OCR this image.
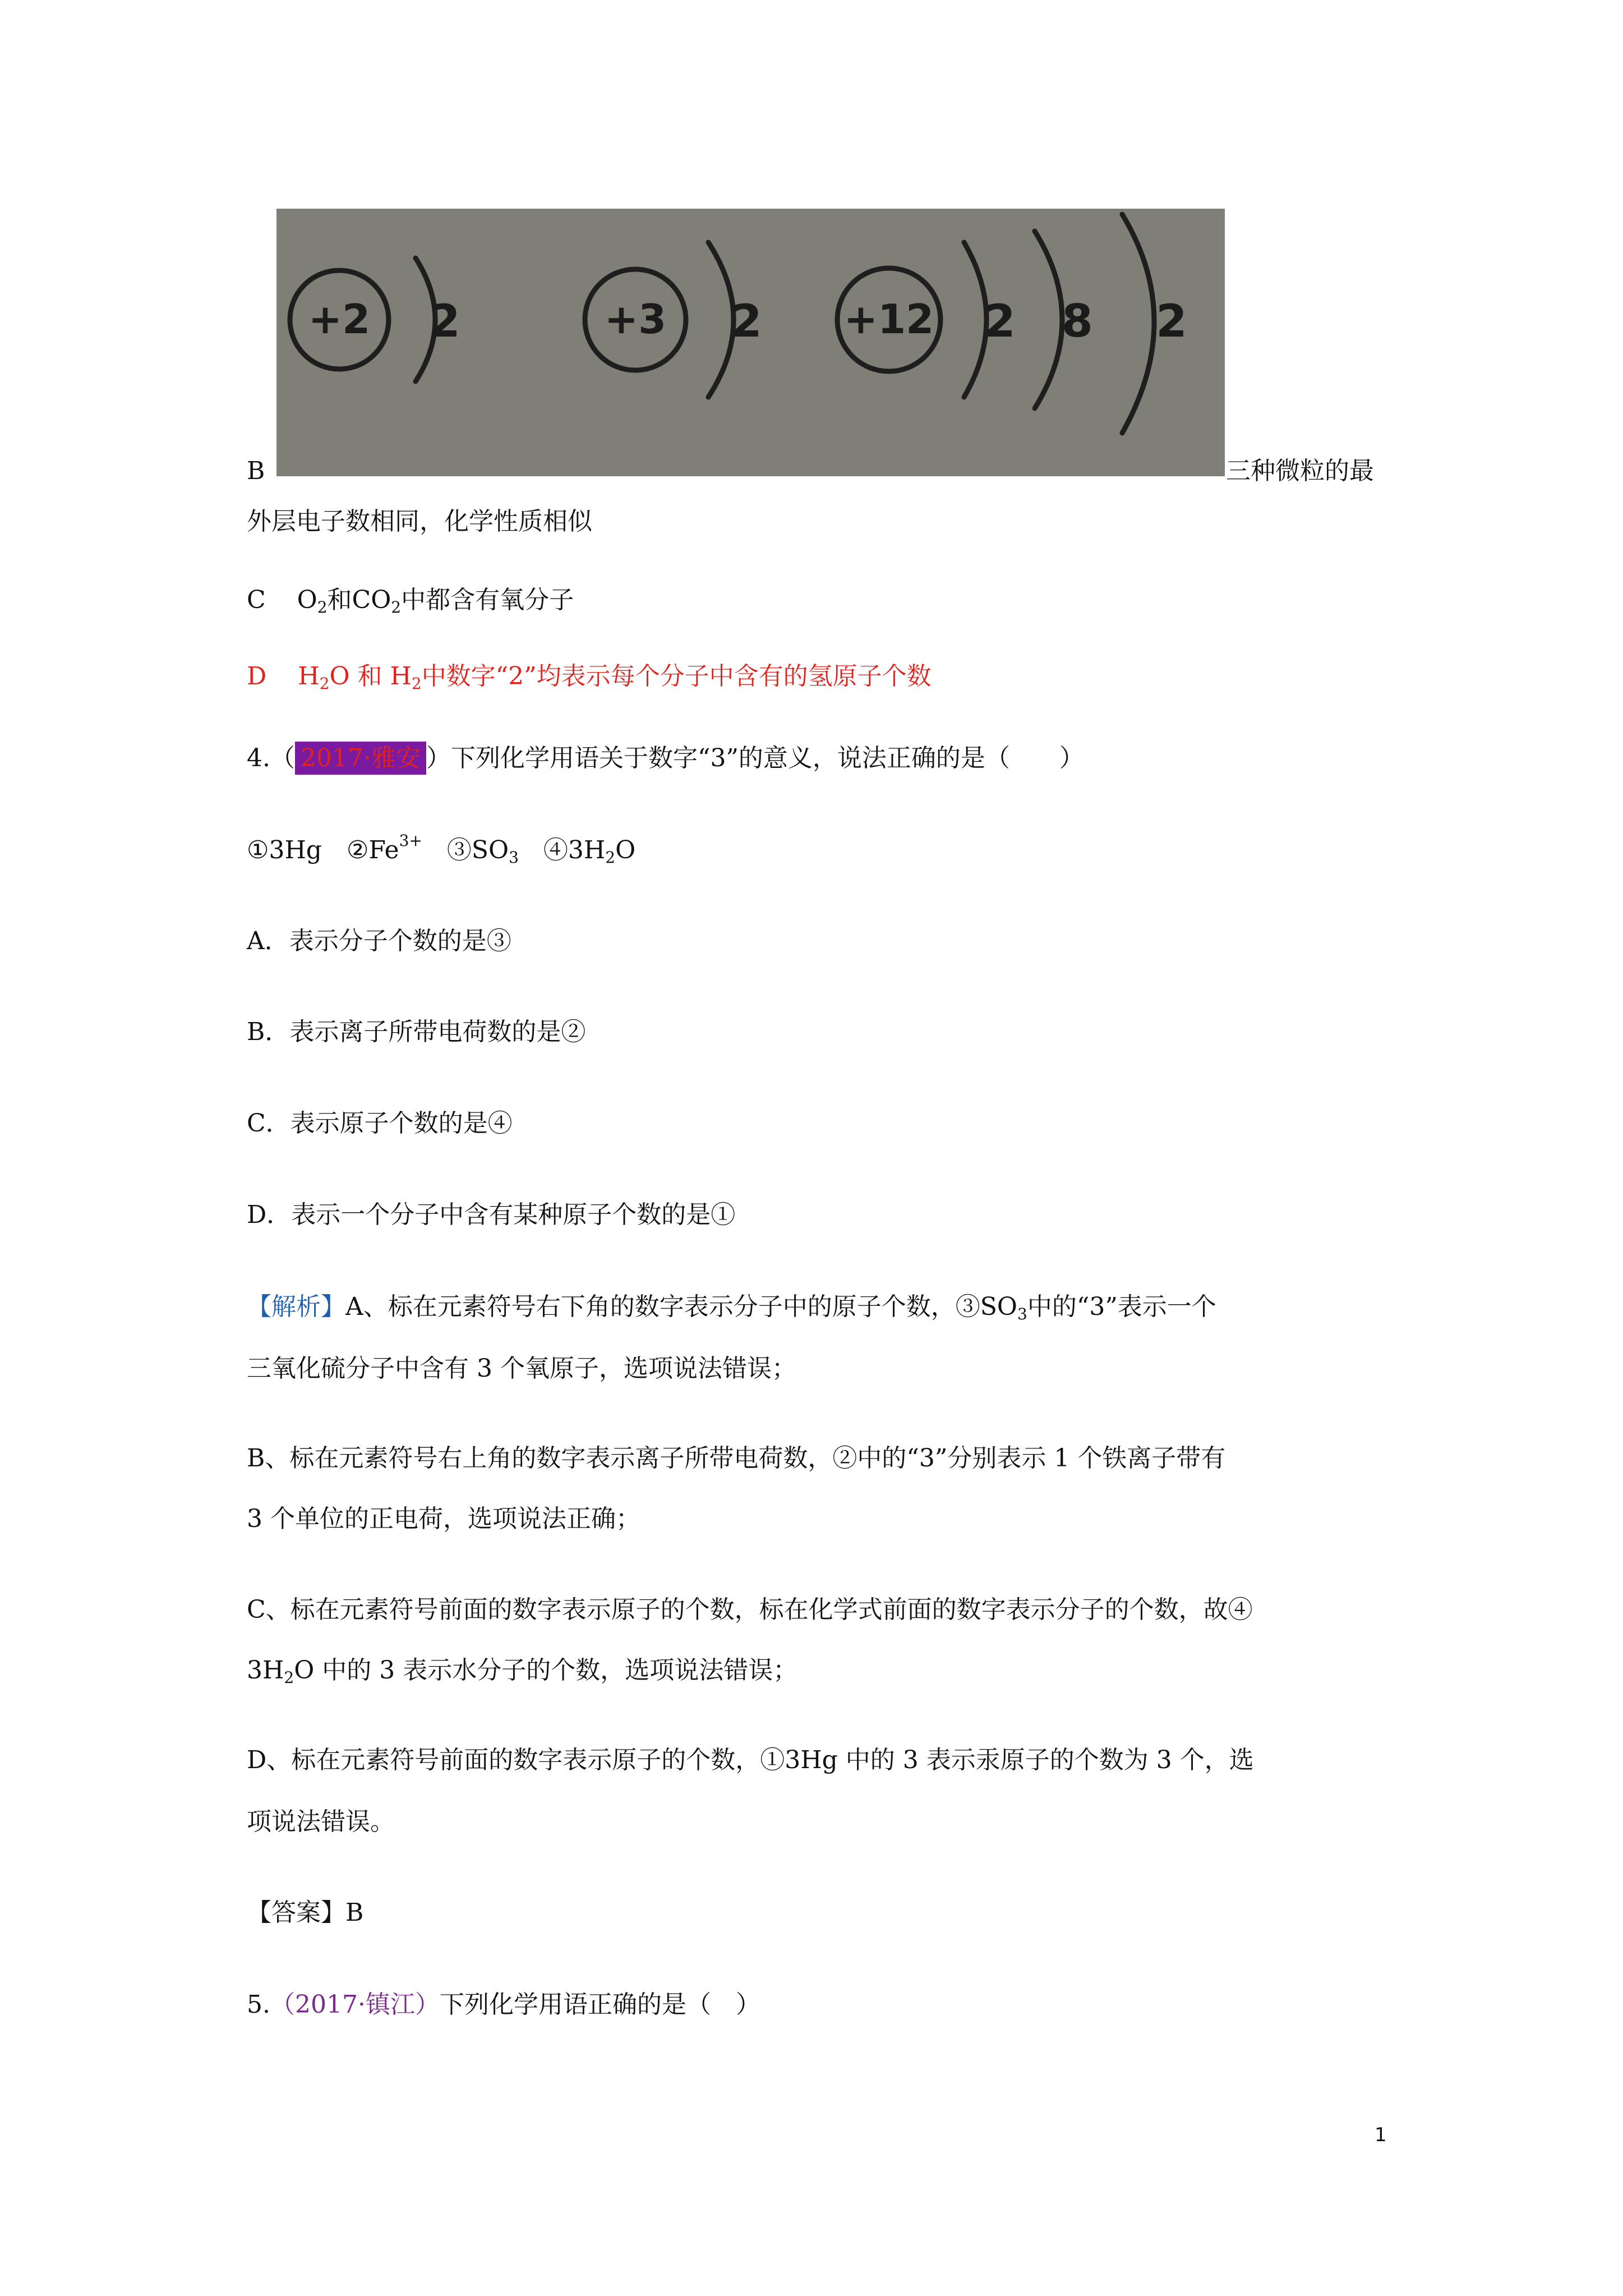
+2 2	+3 2 +12 2 8 2
B	三种微粒的最
外层电子数相同，化学性质相似
C $O_2$和$CO_2$中都含有氧分子
D $H_2O$ 和 $H_2$中数字“2”均表示每个分子中含有的氢原子个数
4.（ 2017·雅安 ）下列化学用语关于数字“3”的意义，说法正确的是（　　）
①3Hg　$②Fe^{3+}$　$③SO_3$　$④3H_2O$
A．表示分子个数的是③
B．表示离子所带电荷数的是②
C．表示原子个数的是④
D．表示一个分子中含有某种原子个数的是①
【解析】A、标在元素符号右下角的数字表示分子中的原子个数，$③SO_3$中的“3”表示一个
三氧化硫分子中含有 3 个氧原子，选项说法错误；
B、标在元素符号右上角的数字表示离子所带电荷数，②中的“3”分别表示 1 个铁离子带有
3 个单位的正电荷，选项说法正确；
C、标在元素符号前面的数字表示原子的个数，标在化学式前面的数字表示分子的个数，故④
$3H_2O$ 中的 3 表示水分子的个数，选项说法错误；
D、标在元素符号前面的数字表示原子的个数，①3Hg 中的 3 表示汞原子的个数为 3 个，选
项说法错误。
【答案】B
5.（2017·镇江）下列化学用语正确的是（　）
1
